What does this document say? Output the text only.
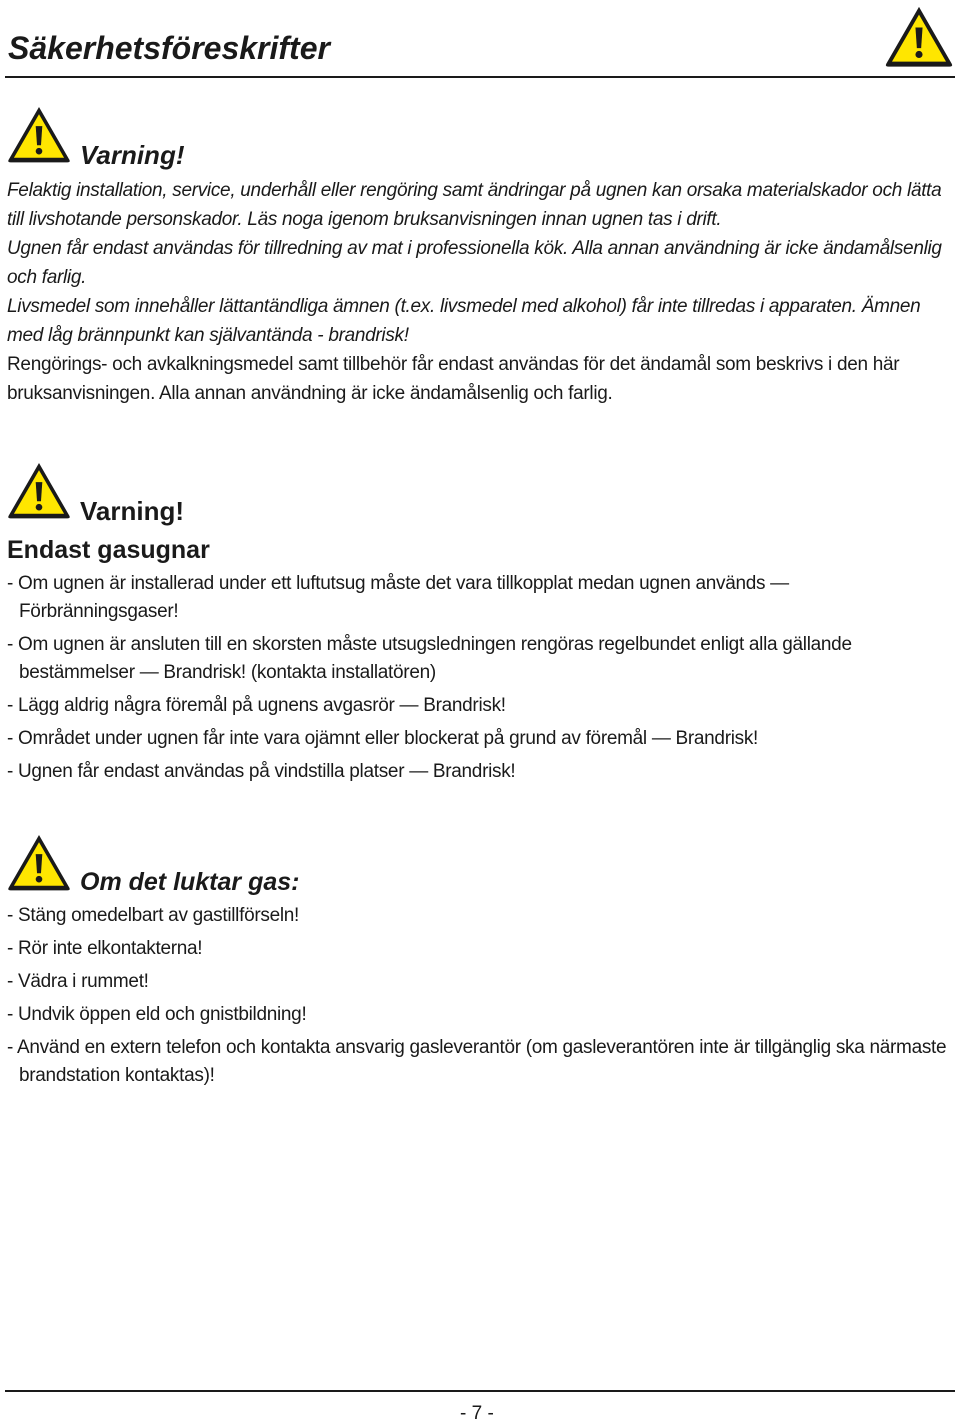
Säkerhetsföreskrifter
Varning!

Felaktig installation, service, underhåll eller rengöring samt ändringar på ugnen kan orsaka materialskador och lätta till livshotande personskador. Läs noga igenom bruksanvisningen innan ugnen tas i drift.

Ugnen får endast användas för tillredning av mat i professionella kök. Alla annan användning är icke ändamålsenlig och farlig.

Livsmedel som innehåller lättantändliga ämnen (t.ex. livsmedel med alkohol) får inte tillredas i apparaten. Ämnen med låg brännpunkt kan självantända - brandrisk!

Rengörings- och avkalkningsmedel samt tillbehör får endast användas för det ändamål som beskrivs i den här bruksanvisningen. Alla annan användning är icke ändamålsenlig och farlig.

Varning!
Endast gasugnar
- Om ugnen är installerad under ett luftutsug måste det vara tillkopplat medan ugnen används — Förbränningsgaser!
- Om ugnen är ansluten till en skorsten måste utsugsledningen rengöras regelbundet enligt alla gällande bestämmelser — Brandrisk! (kontakta installatören)
- Lägg aldrig några föremål på ugnens avgasrör — Brandrisk!
- Området under ugnen får inte vara ojämnt eller blockerat på grund av föremål — Brandrisk!
- Ugnen får endast användas på vindstilla platser — Brandrisk!
Om det luktar gas:
- Stäng omedelbart av gastillförseln!
- Rör inte elkontakterna!
- Vädra i rummet!
- Undvik öppen eld och gnistbildning!
- Använd en extern telefon och kontakta ansvarig gasleverantör (om gasleverantören inte är tillgänglig ska närmaste brandstation kontaktas)!
- 7 -
